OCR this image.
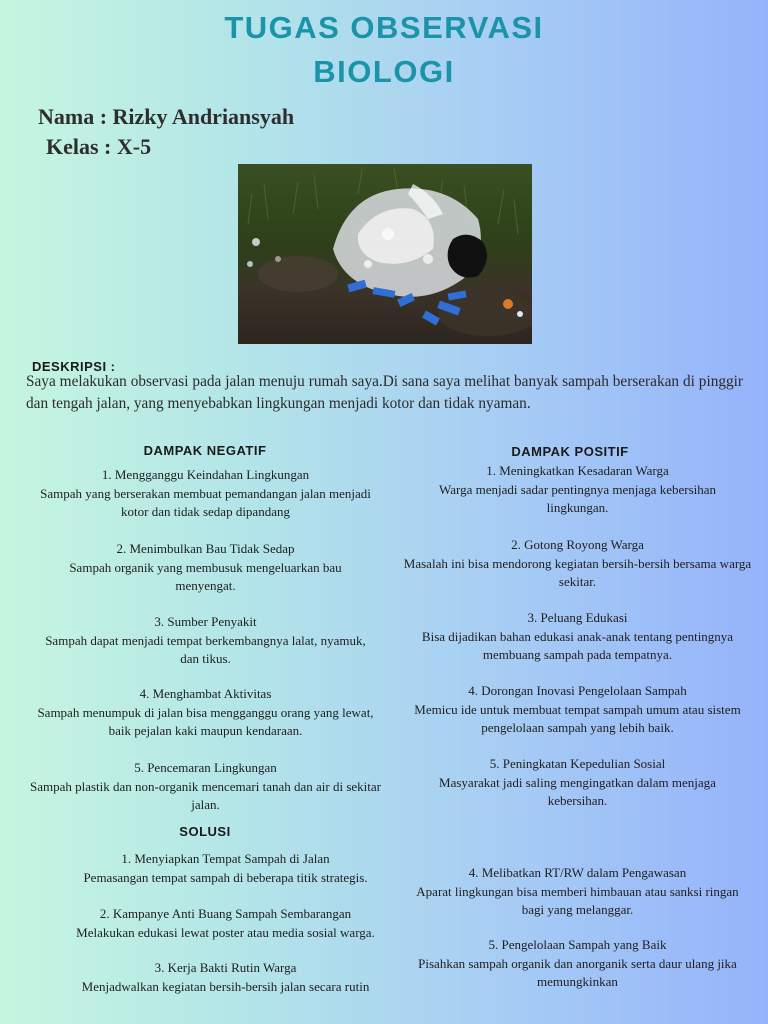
TUGAS OBSERVASI
BIOLOGI
Nama : Rizky Andriansyah
Kelas : X-5
DESKRIPSI :
Saya melakukan observasi pada jalan menuju rumah saya.Di sana saya melihat banyak sampah berserakan di pinggir dan tengah jalan, yang menyebabkan lingkungan menjadi kotor dan tidak nyaman.
DAMPAK NEGATIF	DAMPAK POSITIF
SOLUSI
1. Mengganggu Keindahan Lingkungan
Sampah yang berserakan membuat pemandangan jalan menjadi kotor dan tidak sedap dipandang
2. Menimbulkan Bau Tidak Sedap
Sampah organik yang membusuk mengeluarkan bau menyengat.
3. Sumber Penyakit
Sampah dapat menjadi tempat berkembangnya lalat, nyamuk, dan tikus.
4. Menghambat Aktivitas
Sampah menumpuk di jalan bisa mengganggu orang yang lewat, baik pejalan kaki maupun kendaraan.
5. Pencemaran Lingkungan
Sampah plastik dan non-organik mencemari tanah dan air di sekitar jalan.
1. Meningkatkan Kesadaran Warga
Warga menjadi sadar pentingnya menjaga kebersihan lingkungan.
2. Gotong Royong Warga
Masalah ini bisa mendorong kegiatan bersih-bersih bersama warga sekitar.
3. Peluang Edukasi
Bisa dijadikan bahan edukasi anak-anak tentang pentingnya membuang sampah pada tempatnya.
4. Dorongan Inovasi Pengelolaan Sampah
Memicu ide untuk membuat tempat sampah umum atau sistem pengelolaan sampah yang lebih baik.
5. Peningkatan Kepedulian Sosial
Masyarakat jadi saling mengingatkan dalam menjaga kebersihan.
1. Menyiapkan Tempat Sampah di Jalan
Pemasangan tempat sampah di beberapa titik strategis.
2. Kampanye Anti Buang Sampah Sembarangan
Melakukan edukasi lewat poster atau media sosial warga.
3. Kerja Bakti Rutin Warga
Menjadwalkan kegiatan bersih-bersih jalan secara rutin
4. Melibatkan RT/RW dalam Pengawasan
Aparat lingkungan bisa memberi himbauan atau sanksi ringan bagi yang melanggar.
5. Pengelolaan Sampah yang Baik
Pisahkan sampah organik dan anorganik serta daur ulang jika memungkinkan
